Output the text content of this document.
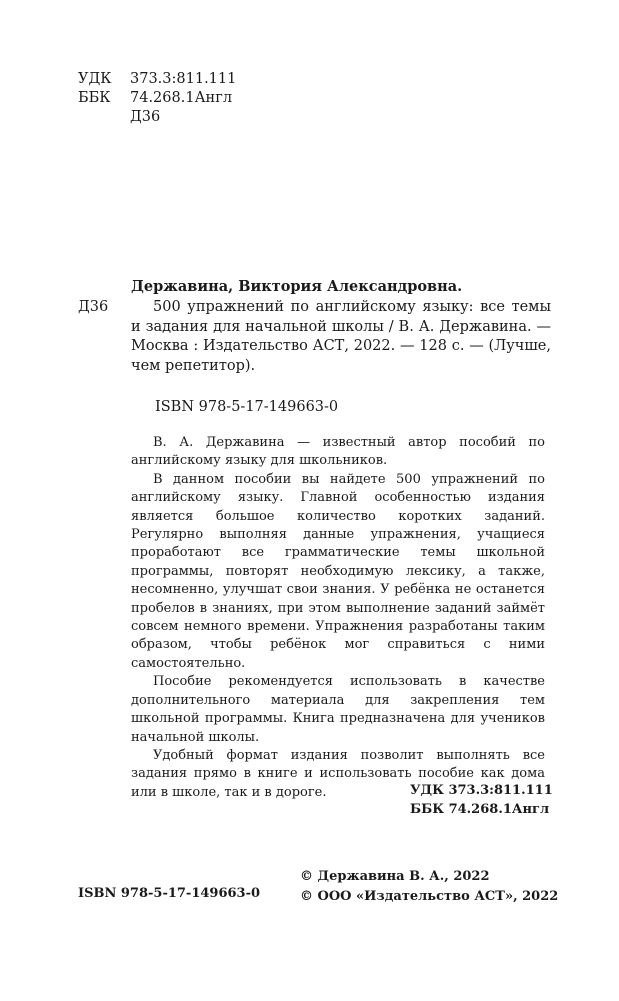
УДК	373.3:811.111
ББК	74.268.1Англ
Д36
Державина, Виктория Александровна.
Д36	500 упражнений по английскому языку: все темы и задания для начальной школы / В. А. Державина. — Москва : Издательство АСТ, 2022. — 128 с. — (Лучше, чем репетитор).

ISBN 978-5-17-149663-0

В. А. Державина — известный автор пособий по английскому языку для школьников.

В данном пособии вы найдете 500 упражнений по английскому языку. Главной особенностью издания является большое количество коротких заданий. Регулярно выполняя данные упражнения, учащиеся проработают все грамматические темы школьной программы, повторят необходимую лексику, а также, несомненно, улучшат свои знания. У ребёнка не останется пробелов в знаниях, при этом выполнение заданий займёт совсем немного времени. Упражнения разработаны таким образом, чтобы ребёнок мог справиться с ними самостоятельно.

Пособие рекомендуется использовать в качестве дополнительного материала для закрепления тем школьной программы. Книга предназначена для учеников начальной школы.

Удобный формат издания позволит выполнять все задания прямо в книге и использовать пособие как дома или в школе, так и в дороге.	УДК 373.3:811.111
ББК 74.268.1Англ
ISBN 978-5-17-149663-0
© Державина В. А., 2022
© ООО «Издательство АСТ», 2022
